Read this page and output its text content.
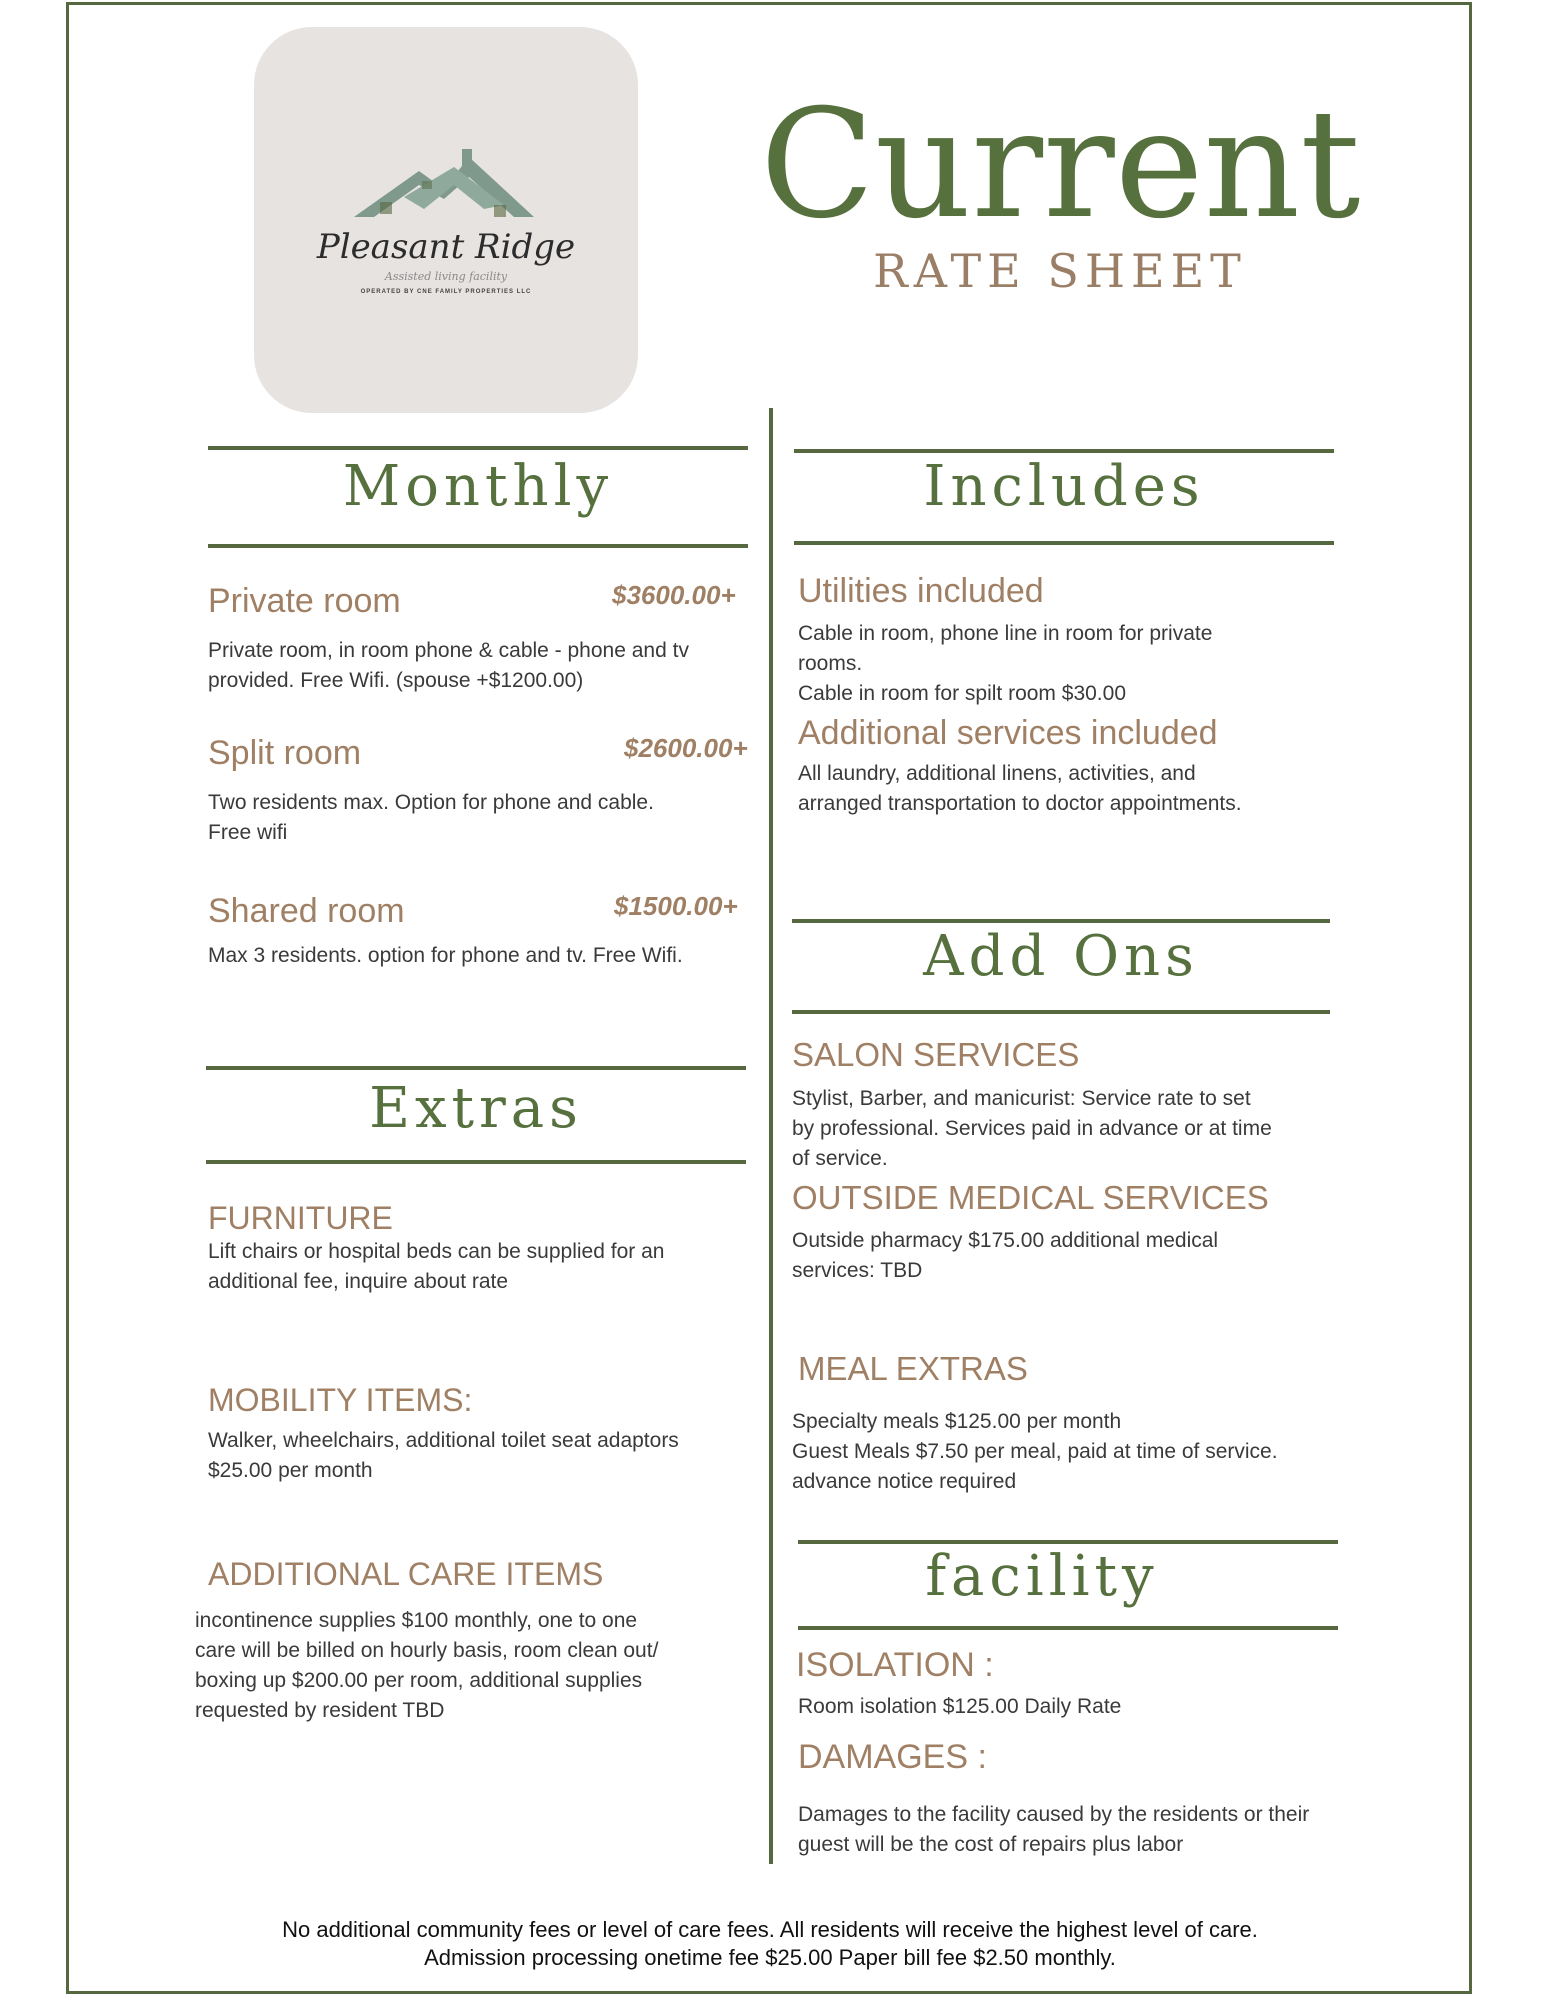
Pleasant Ridge
Assisted living facility
OPERATED BY CNE FAMILY PROPERTIES LLC
Current
RATE SHEET
Monthly
Private room	$3600.00+
Private room, in room phone & cable - phone and tv provided. Free Wifi. (spouse +$1200.00)
Split room	$2600.00+
Two residents max. Option for phone and cable. Free wifi
Shared room	$1500.00+
Max 3 residents. option for phone and tv. Free Wifi.
Extras
FURNITURE
Lift chairs or hospital beds can be supplied for an additional fee, inquire about rate
MOBILITY ITEMS:
Walker, wheelchairs, additional toilet seat adaptors $25.00 per month
ADDITIONAL CARE ITEMS
incontinence supplies $100 monthly, one to one care will be billed on hourly basis, room clean out/ boxing up $200.00 per room, additional supplies requested by resident TBD
Includes
Utilities included
Cable in room, phone line in room for private rooms.
Cable in room for spilt room $30.00
Additional services included
All laundry, additional linens, activities, and arranged transportation to doctor appointments.
Add Ons
SALON SERVICES
Stylist, Barber, and manicurist: Service rate to set by professional. Services paid in advance or at time of service.
OUTSIDE MEDICAL SERVICES
Outside pharmacy $175.00 additional medical services: TBD
MEAL EXTRAS
Specialty meals $125.00 per month
Guest Meals $7.50 per meal, paid at time of service. advance notice required
facility
ISOLATION :
Room isolation $125.00 Daily Rate
DAMAGES :
Damages to the facility caused by the residents or their guest will be the cost of repairs plus labor
No additional community fees or level of care fees. All residents will receive the highest level of care.
Admission processing onetime fee $25.00 Paper bill fee $2.50 monthly.
